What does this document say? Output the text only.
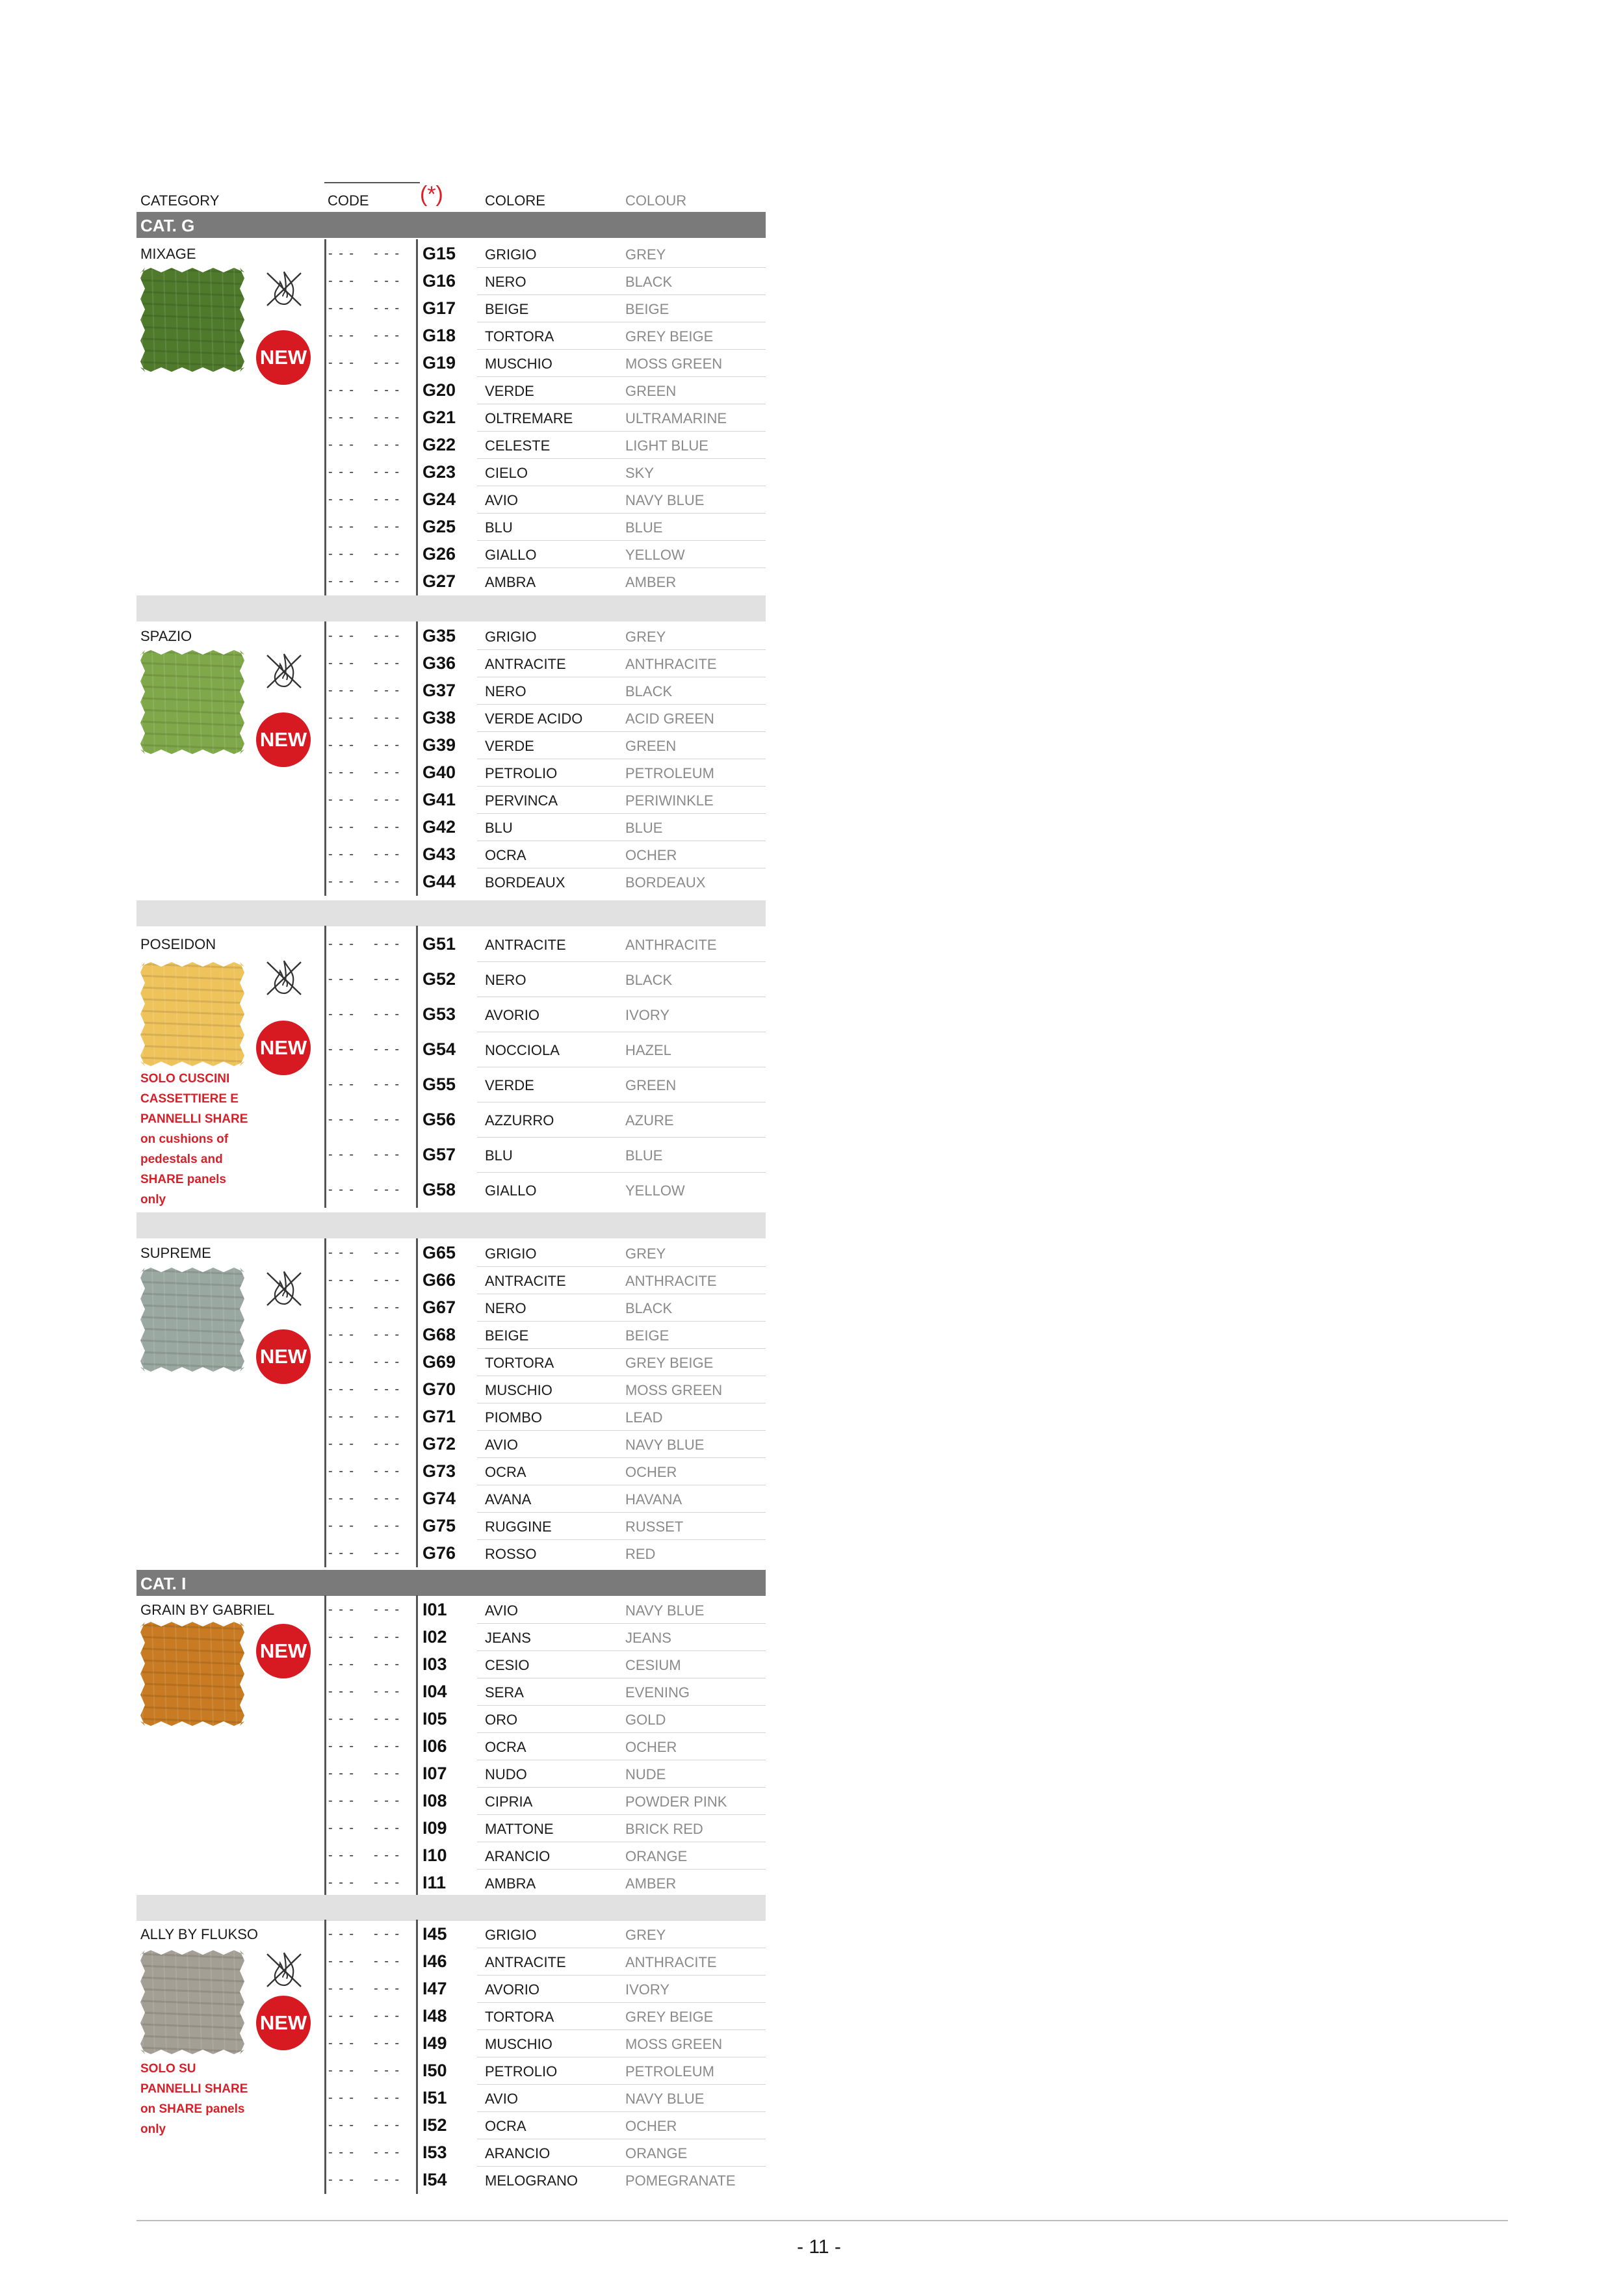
CATEGORY	CODE (*)	COLORE	COLOUR
CAT. G
MIXAGE
NEW
- - - - - - G15 GRIGIO	GREY
- - - - - - G16 NERO	BLACK
- - - - - - G17 BEIGE	BEIGE
- - - - - - G18 TORTORA	GREY BEIGE
- - - - - - G19 MUSCHIO	MOSS GREEN
- - - - - - G20 VERDE	GREEN
- - - - - - G21 OLTREMARE	ULTRAMARINE
- - - - - - G22 CELESTE	LIGHT BLUE
- - - - - - G23 CIELO	SKY
- - - - - - G24 AVIO	NAVY BLUE
- - - - - - G25 BLU	BLUE
- - - - - - G26 GIALLO	YELLOW
- - - - - - G27 AMBRA	AMBER
SPAZIO
NEW
- - - - - - G35 GRIGIO	GREY
- - - - - - G36 ANTRACITE	ANTHRACITE
- - - - - - G37 NERO	BLACK
- - - - - - G38 VERDE ACIDO	ACID GREEN
- - - - - - G39 VERDE	GREEN
- - - - - - G40 PETROLIO	PETROLEUM
- - - - - - G41 PERVINCA	PERIWINKLE
- - - - - - G42 BLU	BLUE
- - - - - - G43 OCRA	OCHER
- - - - - - G44 BORDEAUX	BORDEAUX
POSEIDON
NEW
SOLO CUSCINI
CASSETTIERE E
PANNELLI SHARE
on cushions of
pedestals and
SHARE panels
only
- - - - - - G51 ANTRACITE	ANTHRACITE
- - - - - - G52 NERO	BLACK
- - - - - - G53 AVORIO	IVORY
- - - - - - G54 NOCCIOLA	HAZEL
- - - - - - G55 VERDE	GREEN
- - - - - - G56 AZZURRO	AZURE
- - - - - - G57 BLU	BLUE
- - - - - - G58 GIALLO	YELLOW
SUPREME
NEW
- - - - - - G65 GRIGIO	GREY
- - - - - - G66 ANTRACITE	ANTHRACITE
- - - - - - G67 NERO	BLACK
- - - - - - G68 BEIGE	BEIGE
- - - - - - G69 TORTORA	GREY BEIGE
- - - - - - G70 MUSCHIO	MOSS GREEN
- - - - - - G71 PIOMBO	LEAD
- - - - - - G72 AVIO	NAVY BLUE
- - - - - - G73 OCRA	OCHER
- - - - - - G74 AVANA	HAVANA
- - - - - - G75 RUGGINE	RUSSET
- - - - - - G76 ROSSO	RED
CAT. I
GRAIN BY GABRIEL
NEW
- - - - - - I01	AVIO	NAVY BLUE
- - - - - - I02	JEANS	JEANS
- - - - - - I03	CESIO	CESIUM
- - - - - - I04	SERA	EVENING
- - - - - - I05	ORO	GOLD
- - - - - - I06	OCRA	OCHER
- - - - - - I07	NUDO	NUDE
- - - - - - I08	CIPRIA	POWDER PINK
- - - - - - I09	MATTONE	BRICK RED
- - - - - - I10	ARANCIO	ORANGE
- - - - - - I11	AMBRA	AMBER
ALLY BY FLUKSO
NEW
SOLO SU
PANNELLI SHARE
on SHARE panels
only
- - - - - - I45	GRIGIO	GREY
- - - - - - I46	ANTRACITE	ANTHRACITE
- - - - - - I47	AVORIO	IVORY
- - - - - - I48	TORTORA	GREY BEIGE
- - - - - - I49	MUSCHIO	MOSS GREEN
- - - - - - I50	PETROLIO	PETROLEUM
- - - - - - I51	AVIO	NAVY BLUE
- - - - - - I52	OCRA	OCHER
- - - - - - I53	ARANCIO	ORANGE
- - - - - - I54	MELOGRANO	POMEGRANATE
- 11 -
